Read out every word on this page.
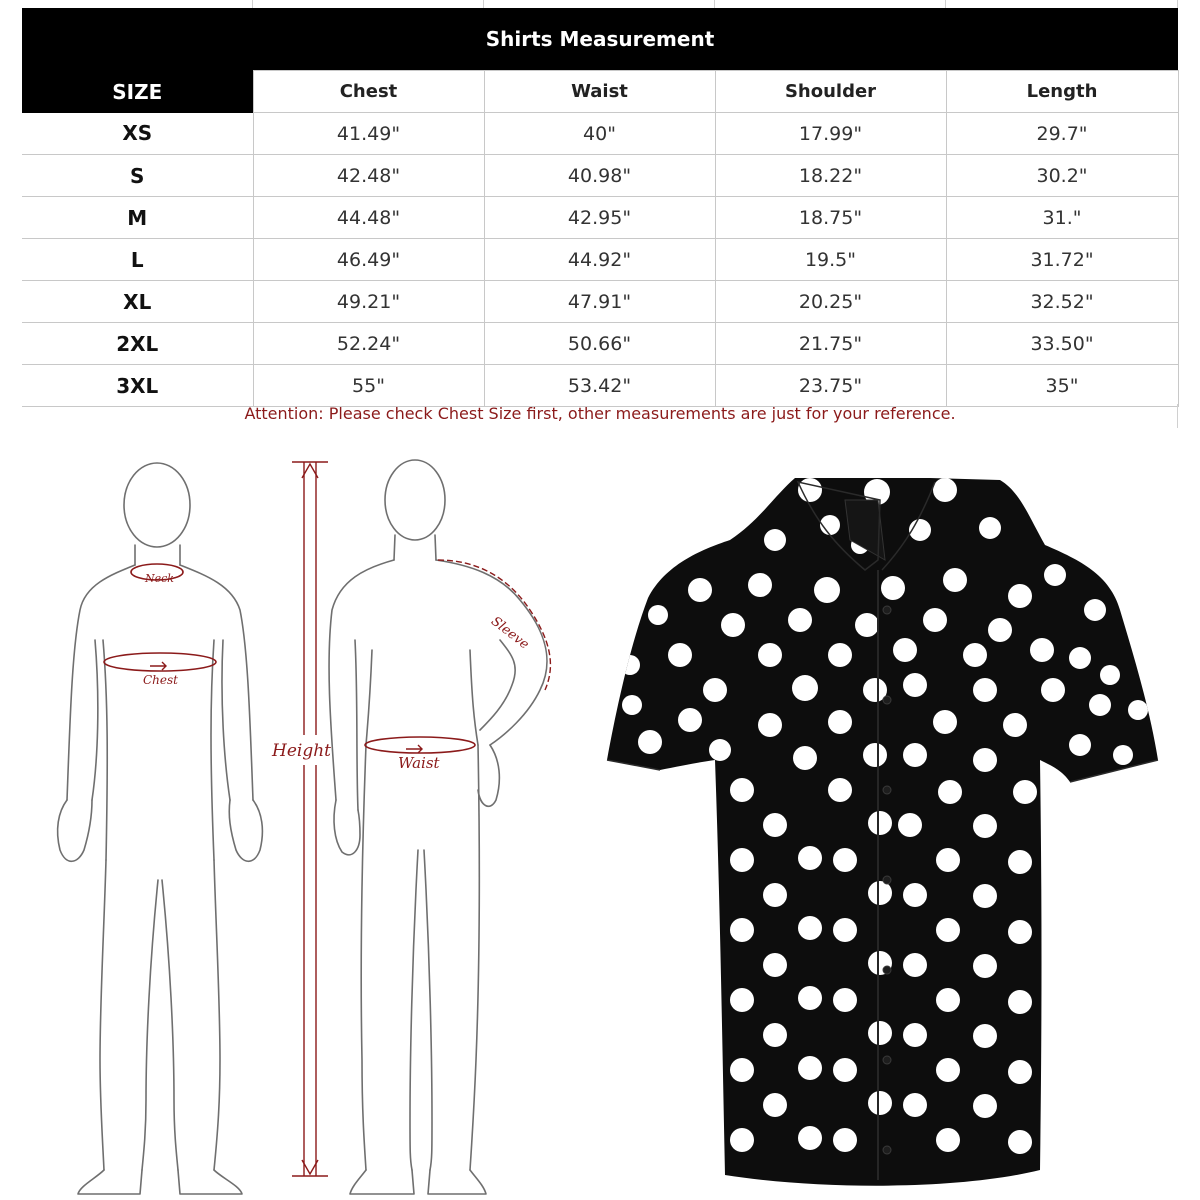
Shirts Measurement				
SIZE	Chest	Waist	Shoulder	Length
XS	41.49"	40"	17.99"	29.7"
S	42.48"	40.98"	18.22"	30.2"
M	44.48"	42.95"	18.75"	31."
L	46.49"	44.92"	19.5"	31.72"
XL	49.21"	47.91"	20.25"	32.52"
2XL	52.24"	50.66"	21.75"	33.50"
3XL	55"	53.42"	23.75"	35"
Attention: Please check Chest Size first, other measurements are just for your reference.
Neck
Chest
Height
Sleeve
Waist
